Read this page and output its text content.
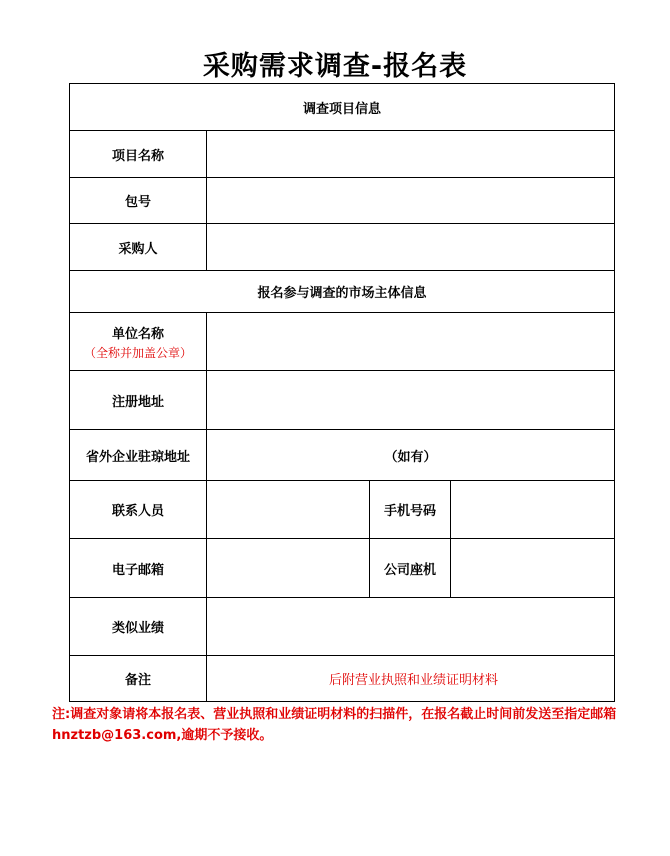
采购需求调查-报名表
调查项目信息			
项目名称			
包号			
采购人			
报名参与调查的市场主体信息			
单位名称
（全称并加盖公章）			

注册地址			
省外企业驻琼地址	（如有）		
联系人员		手机号码	
电子邮箱		公司座机	
类似业绩			
备注	后附营业执照和业绩证明材料		
注:调查对象请将本报名表、营业执照和业绩证明材料的扫描件，在报名截止时间前发送至指定邮箱hnztzb@163.com,逾期不予接收。
